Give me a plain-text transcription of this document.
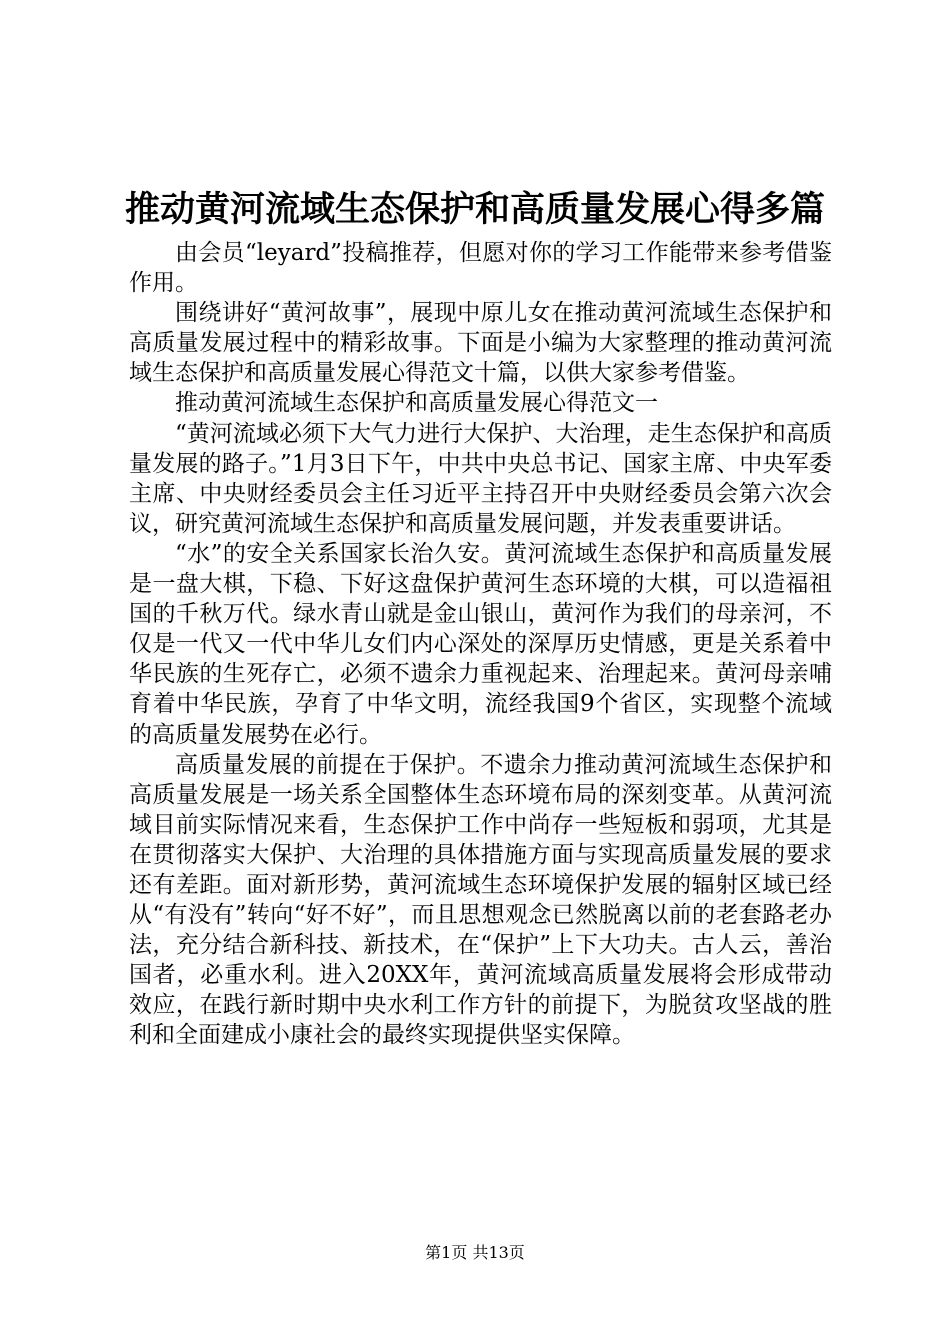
推动黄河流域生态保护和高质量发展心得多篇

由会员“leyard”投稿推荐，但愿对你的学习工作能带来参考借鉴作用。

围绕讲好“黄河故事”，展现中原儿女在推动黄河流域生态保护和高质量发展过程中的精彩故事。下面是小编为大家整理的推动黄河流域生态保护和高质量发展心得范文十篇，以供大家参考借鉴。

推动黄河流域生态保护和高质量发展心得范文一

“黄河流域必须下大气力进行大保护、大治理，走生态保护和高质量发展的路子。”1月3日下午，中共中央总书记、国家主席、中央军委主席、中央财经委员会主任习近平主持召开中央财经委员会第六次会议，研究黄河流域生态保护和高质量发展问题，并发表重要讲话。

“水”的安全关系国家长治久安。黄河流域生态保护和高质量发展是一盘大棋，下稳、下好这盘保护黄河生态环境的大棋，可以造福祖国的千秋万代。绿水青山就是金山银山，黄河作为我们的母亲河，不仅是一代又一代中华儿女们内心深处的深厚历史情感，更是关系着中华民族的生死存亡，必须不遗余力重视起来、治理起来。黄河母亲哺育着中华民族，孕育了中华文明，流经我国9个省区，实现整个流域的高质量发展势在必行。

高质量发展的前提在于保护。不遗余力推动黄河流域生态保护和高质量发展是一场关系全国整体生态环境布局的深刻变革。从黄河流域目前实际情况来看，生态保护工作中尚存一些短板和弱项，尤其是在贯彻落实大保护、大治理的具体措施方面与实现高质量发展的要求还有差距。面对新形势，黄河流域生态环境保护发展的辐射区域已经从“有没有”转向“好不好”，而且思想观念已然脱离以前的老套路老办法，充分结合新科技、新技术，在“保护”上下大功夫。古人云，善治国者，必重水利。进入20XX年，黄河流域高质量发展将会形成带动效应，在践行新时期中央水利工作方针的前提下，为脱贫攻坚战的胜利和全面建成小康社会的最终实现提供坚实保障。

第1页 共13页
